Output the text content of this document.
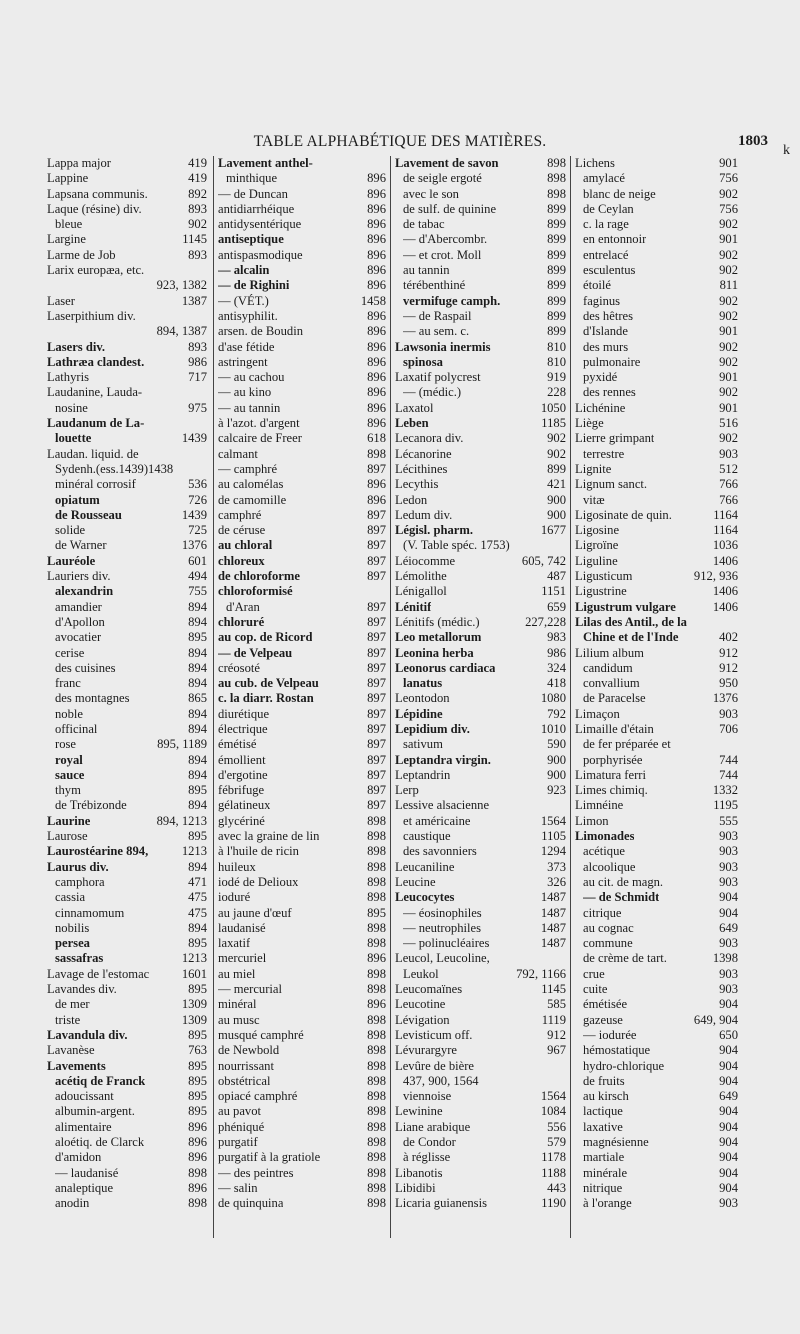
TABLE ALPHABÉTIQUE DES MATIÈRES.	1803
k
Lappa major	419
Lappine	419
Lapsana communis.	892
Laque (résine) div.	893
bleue	902
Largine	1145
Larme de Job	893
Larix europæa, etc.
923, 1382
Laser	1387
Laserpithium div.
894, 1387
Lasers div.	893
Lathræa clandest.	986
Lathyris	717
Laudanine, Lauda-
nosine	975
Laudanum de La-
louette	1439
Laudan. liquid. de
Sydenh.(ess.1439)1438
minéral corrosif	536
opiatum	726
de Rousseau	1439
solide	725
de Warner	1376
Lauréole	601
Lauriers div.	494
alexandrin	755
amandier	894
d'Apollon	894
avocatier	895
cerise	894
des cuisines	894
franc	894
des montagnes	865
noble	894
officinal	894
rose	895, 1189
royal	894
sauce	894
thym	895
de Trébizonde	894
Laurine	894, 1213
Laurose	895
Laurostéarine 894,	1213
Laurus div.	894
camphora	471
cassia	475
cinnamomum	475
nobilis	894
persea	895
sassafras	1213
Lavage de l'estomac	1601
Lavandes div.	895
de mer	1309
triste	1309
Lavandula div.	895
Lavanèse	763
Lavements	895
acétiq de Franck	895
adoucissant	895
albumin-argent.	895
alimentaire	896
aloétiq. de Clarck	896
d'amidon	896
— laudanisé	898
analeptique	896
anodin	898
Lavement anthel-
minthique	896
— de Duncan	896
antidiarrhéique	896
antidysentérique	896
antiseptique	896
antispasmodique	896
— alcalin	896
— de Righini	896
— (VÉT.)	1458
antisyphilit.	896
arsen. de Boudin	896
d'ase fétide	896
astringent	896
— au cachou	896
— au kino	896
— au tannin	896
à l'azot. d'argent	896
calcaire de Freer	618
calmant	898
— camphré	897
au calomélas	896
de camomille	896
camphré	897
de céruse	897
au chloral	897
chloreux	897
de chloroforme	897
chloroformisé
d'Aran	897
chloruré	897
au cop. de Ricord	897
— de Velpeau	897
créosoté	897
au cub. de Velpeau	897
c. la diarr. Rostan	897
diurétique	897
électrique	897
émétisé	897
émollient	897
d'ergotine	897
fébrifuge	897
gélatineux	897
glycériné	898
avec la graine de lin	898
à l'huile de ricin	898
huileux	898
iodé de Delioux	898
ioduré	898
au jaune d'œuf	895
laudanisé	898
laxatif	898
mercuriel	896
au miel	898
— mercurial	898
minéral	896
au musc	898
musqué camphré	898
de Newbold	898
nourrissant	898
obstétrical	898
opiacé camphré	898
au pavot	898
phéniqué	898
purgatif	898
purgatif à la gratiole	898
— des peintres	898
— salin	898
de quinquina	898
Lavement de savon	898
de seigle ergoté	898
avec le son	898
de sulf. de quinine	899
de tabac	899
— d'Abercombr.	899
— et crot. Moll	899
au tannin	899
térébenthiné	899
vermifuge camph.	899
— de Raspail	899
— au sem. c.	899
Lawsonia inermis	810
spinosa	810
Laxatif polycrest	919
— (médic.)	228
Laxatol	1050
Leben	1185
Lecanora div.	902
Lécanorine	902
Lécithines	899
Lecythis	421
Ledon	900
Ledum div.	900
Législ. pharm.	1677
(V. Table spéc. 1753)
Léiocomme	605, 742
Lémolithe	487
Lénigallol	1151
Lénitif	659
Lénitifs (médic.)	227,228
Leo metallorum	983
Leonina herba	986
Leonorus cardiaca	324
lanatus	418
Leontodon	1080
Lépidine	792
Lepidium div.	1010
sativum	590
Leptandra virgin.	900
Leptandrin	900
Lerp	923
Lessive alsacienne
et américaine	1564
caustique	1105
des savonniers	1294
Leucaniline	373
Leucine	326
Leucocytes	1487
— éosinophiles	1487
— neutrophiles	1487
— polinucléaires	1487
Leucol, Leucoline,
Leukol	792, 1166
Leucomaïnes	1145
Leucotine	585
Lévigation	1119
Levisticum off.	912
Lévurargyre	967
Levûre de bière
437, 900, 1564
viennoise	1564
Lewinine	1084
Liane arabique	556
de Condor	579
à réglisse	1178
Libanotis	1188
Libidibi	443
Licaria guianensis	1190
Lichens	901
amylacé	756
blanc de neige	902
de Ceylan	756
c. la rage	902
en entonnoir	901
entrelacé	902
esculentus	902
étoilé	811
faginus	902
des hêtres	902
d'Islande	901
des murs	902
pulmonaire	902
pyxidé	901
des rennes	902
Lichénine	901
Liège	516
Lierre grimpant	902
terrestre	903
Lignite	512
Lignum sanct.	766
vitæ	766
Ligosinate de quin.	1164
Ligosine	1164
Ligroïne	1036
Liguline	1406
Ligusticum	912, 936
Ligustrine	1406
Ligustrum vulgare	1406
Lilas des Antil., de la
Chine et de l'Inde	402
Lilium album	912
candidum	912
convallium	950
de Paracelse	1376
Limaçon	903
Limaille d'étain	706
de fer préparée et
porphyrisée	744
Limatura ferri	744
Limes chimiq.	1332
Limnéine	1195
Limon	555
Limonades	903
acétique	903
alcoolique	903
au cit. de magn.	903
— de Schmidt	904
citrique	904
au cognac	649
commune	903
de crème de tart.	1398
crue	903
cuite	903
émétisée	904
gazeuse	649, 904
— iodurée	650
hémostatique	904
hydro-chlorique	904
de fruits	904
au kirsch	649
lactique	904
laxative	904
magnésienne	904
martiale	904
minérale	904
nitrique	904
à l'orange	903
